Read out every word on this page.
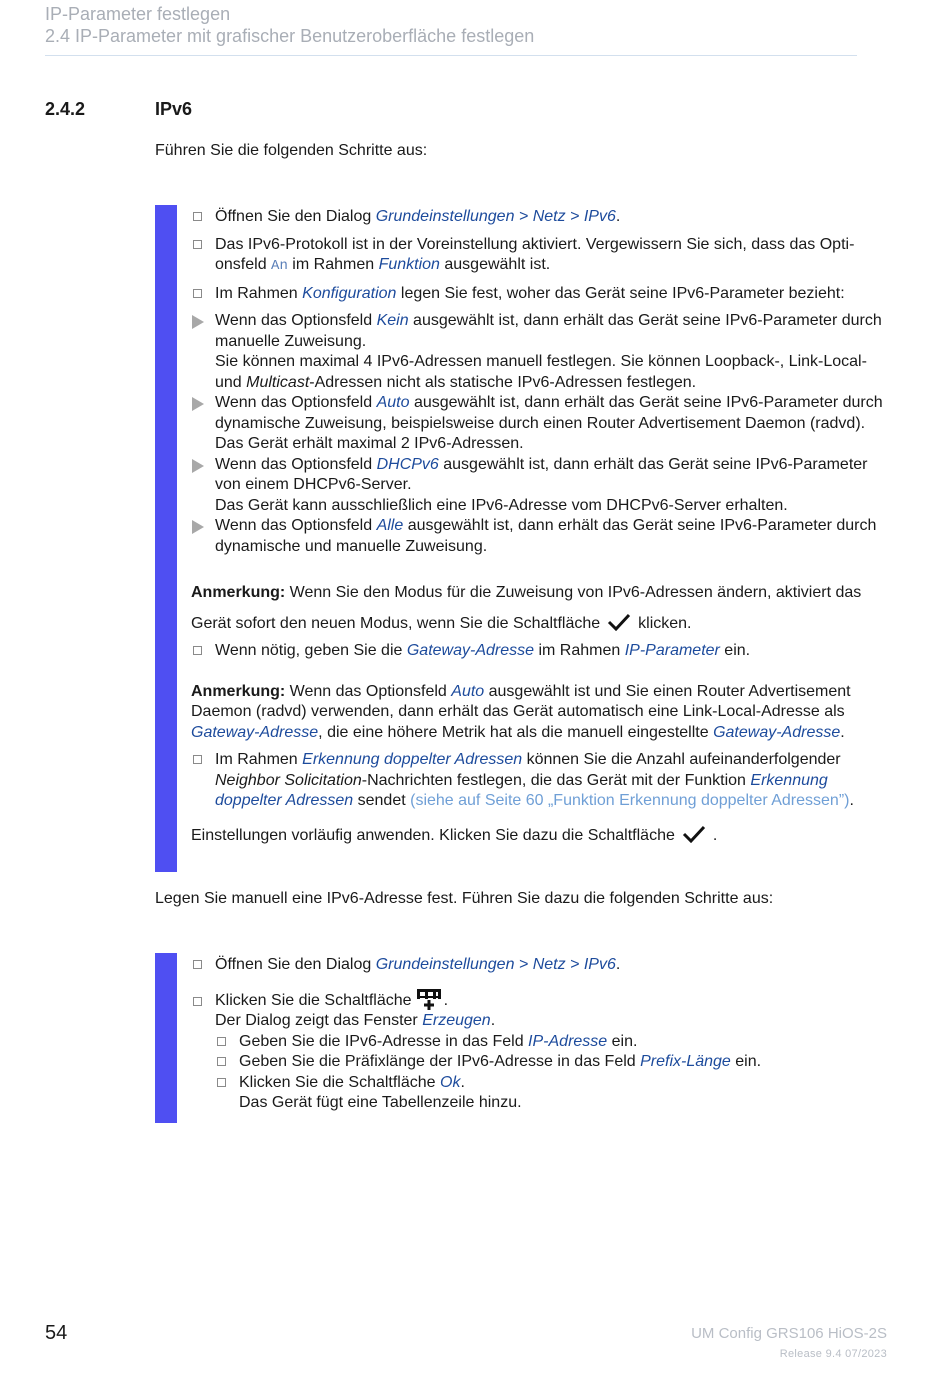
IP-Parameter festlegen
2.4 IP-Parameter mit grafischer Benutzeroberfläche festlegen
2.4.2	IPv6
Führen Sie die folgenden Schritte aus:
Öffnen Sie den Dialog Grundeinstellungen > Netz > IPv6.
Das IPv6-Protokoll ist in der Voreinstellung aktiviert. Vergewissern Sie sich, dass das Optionsfeld An im Rahmen Funktion ausgewählt ist.
Im Rahmen Konfiguration legen Sie fest, woher das Gerät seine IPv6-Parameter bezieht:
Wenn das Optionsfeld Kein ausgewählt ist, dann erhält das Gerät seine IPv6-Parameter durch manuelle Zuweisung.
Sie können maximal 4 IPv6-Adressen manuell festlegen. Sie können Loopback-, Link-Local- und Multicast-Adressen nicht als statische IPv6-Adressen festlegen.
Wenn das Optionsfeld Auto ausgewählt ist, dann erhält das Gerät seine IPv6-Parameter durch dynamische Zuweisung, beispielsweise durch einen Router Advertisement Daemon (radvd).
Das Gerät erhält maximal 2 IPv6-Adressen.
Wenn das Optionsfeld DHCPv6 ausgewählt ist, dann erhält das Gerät seine IPv6-Parameter von einem DHCPv6-Server.
Das Gerät kann ausschließlich eine IPv6-Adresse vom DHCPv6-Server erhalten.
Wenn das Optionsfeld Alle ausgewählt ist, dann erhält das Gerät seine IPv6-Parameter durch dynamische und manuelle Zuweisung.
Anmerkung: Wenn Sie den Modus für die Zuweisung von IPv6-Adressen ändern, aktiviert das Gerät sofort den neuen Modus, wenn Sie die Schaltfläche klicken.
Wenn nötig, geben Sie die Gateway-Adresse im Rahmen IP-Parameter ein.
Anmerkung: Wenn das Optionsfeld Auto ausgewählt ist und Sie einen Router Advertisement Daemon (radvd) verwenden, dann erhält das Gerät automatisch eine Link-Local-Adresse als Gateway-Adresse, die eine höhere Metrik hat als die manuell eingestellte Gateway-Adresse.
Im Rahmen Erkennung doppelter Adressen können Sie die Anzahl aufeinanderfolgender Neighbor Solicitation-Nachrichten festlegen, die das Gerät mit der Funktion Erkennung doppelter Adressen sendet (siehe auf Seite 60 „Funktion Erkennung doppelter Adressen”).
Einstellungen vorläufig anwenden. Klicken Sie dazu die Schaltfläche .
Legen Sie manuell eine IPv6-Adresse fest. Führen Sie dazu die folgenden Schritte aus:
Öffnen Sie den Dialog Grundeinstellungen > Netz > IPv6.
Klicken Sie die Schaltfläche .
Der Dialog zeigt das Fenster Erzeugen.
Geben Sie die IPv6-Adresse in das Feld IP-Adresse ein.
Geben Sie die Präfixlänge der IPv6-Adresse in das Feld Prefix-Länge ein.
Klicken Sie die Schaltfläche Ok.
Das Gerät fügt eine Tabellenzeile hinzu.
54	UM Config GRS106 HiOS-2S
Release 9.4 07/2023
